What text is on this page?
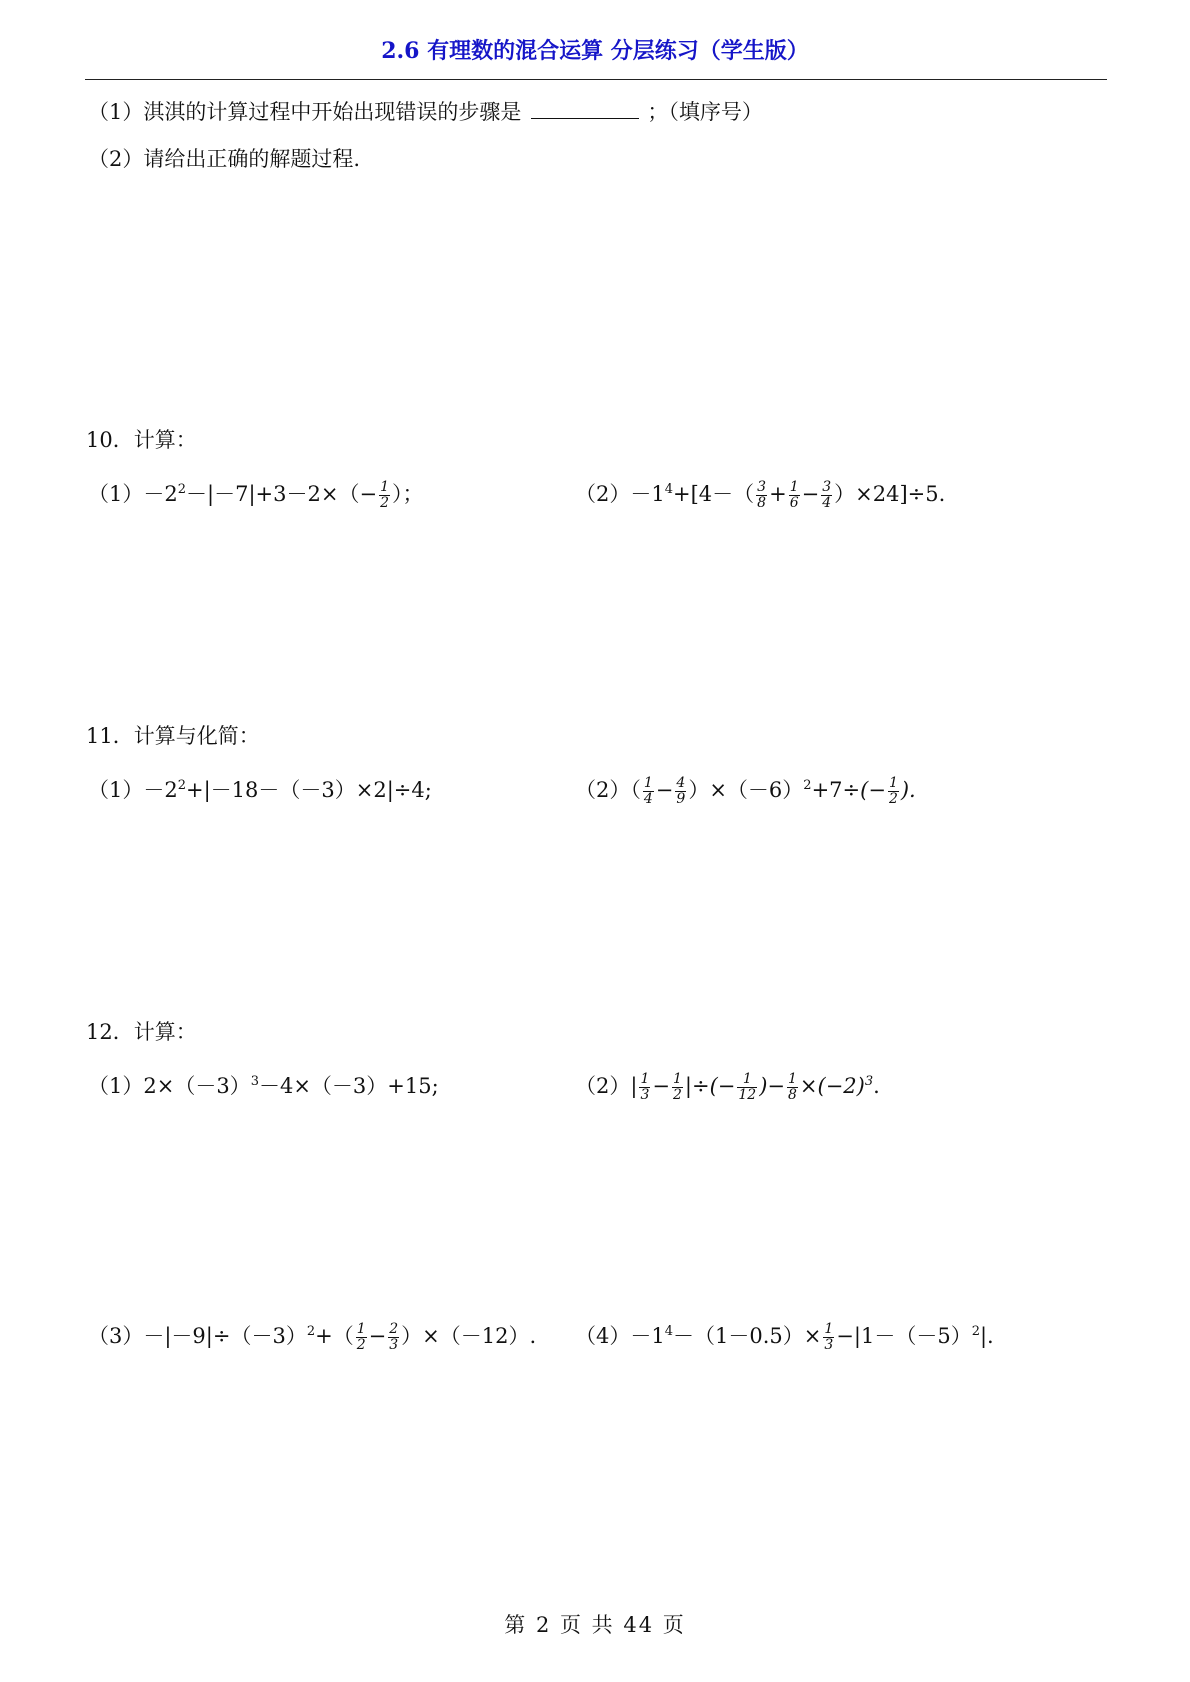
2.6 有理数的混合运算 分层练习（学生版）
（1）淇淇的计算过程中开始出现错误的步骤是	；（填序号）
（2）请给出正确的解题过程.
10．计算：
$(1)-2^2-|-7|+3-2\times(- \frac{1}{2}$ ）；	$(2)-1^4+[4-( \frac{3}{8} + \frac{1}{6} - \frac{3}{4} )\times 24]\div 5$.
11．计算与化简：
$(1)-2^2+|-18-(-3)\times 2|\div 4$;	$(2)( \frac{1}{4} - \frac{4}{9} )\times(-6)^2+7\div(- \frac{1}{2}$ ).
12．计算：
$(1)2\times(-3)^3-4\times(-3)+15$;	$(2)| \frac{1}{3} - \frac{1}{2}$ |÷(− $\frac{1}{12}$ )− $\frac{1}{8} \times(-2)^3$.
$(3)-|-9|\div(-3)^2+( \frac{1}{2} - \frac{2}{3} )\times(-12)$. $(4)-1^4-(1-0.5)\times \frac{1}{3} -|1-(-5)^2|$.
第 2 页 共 44 页
